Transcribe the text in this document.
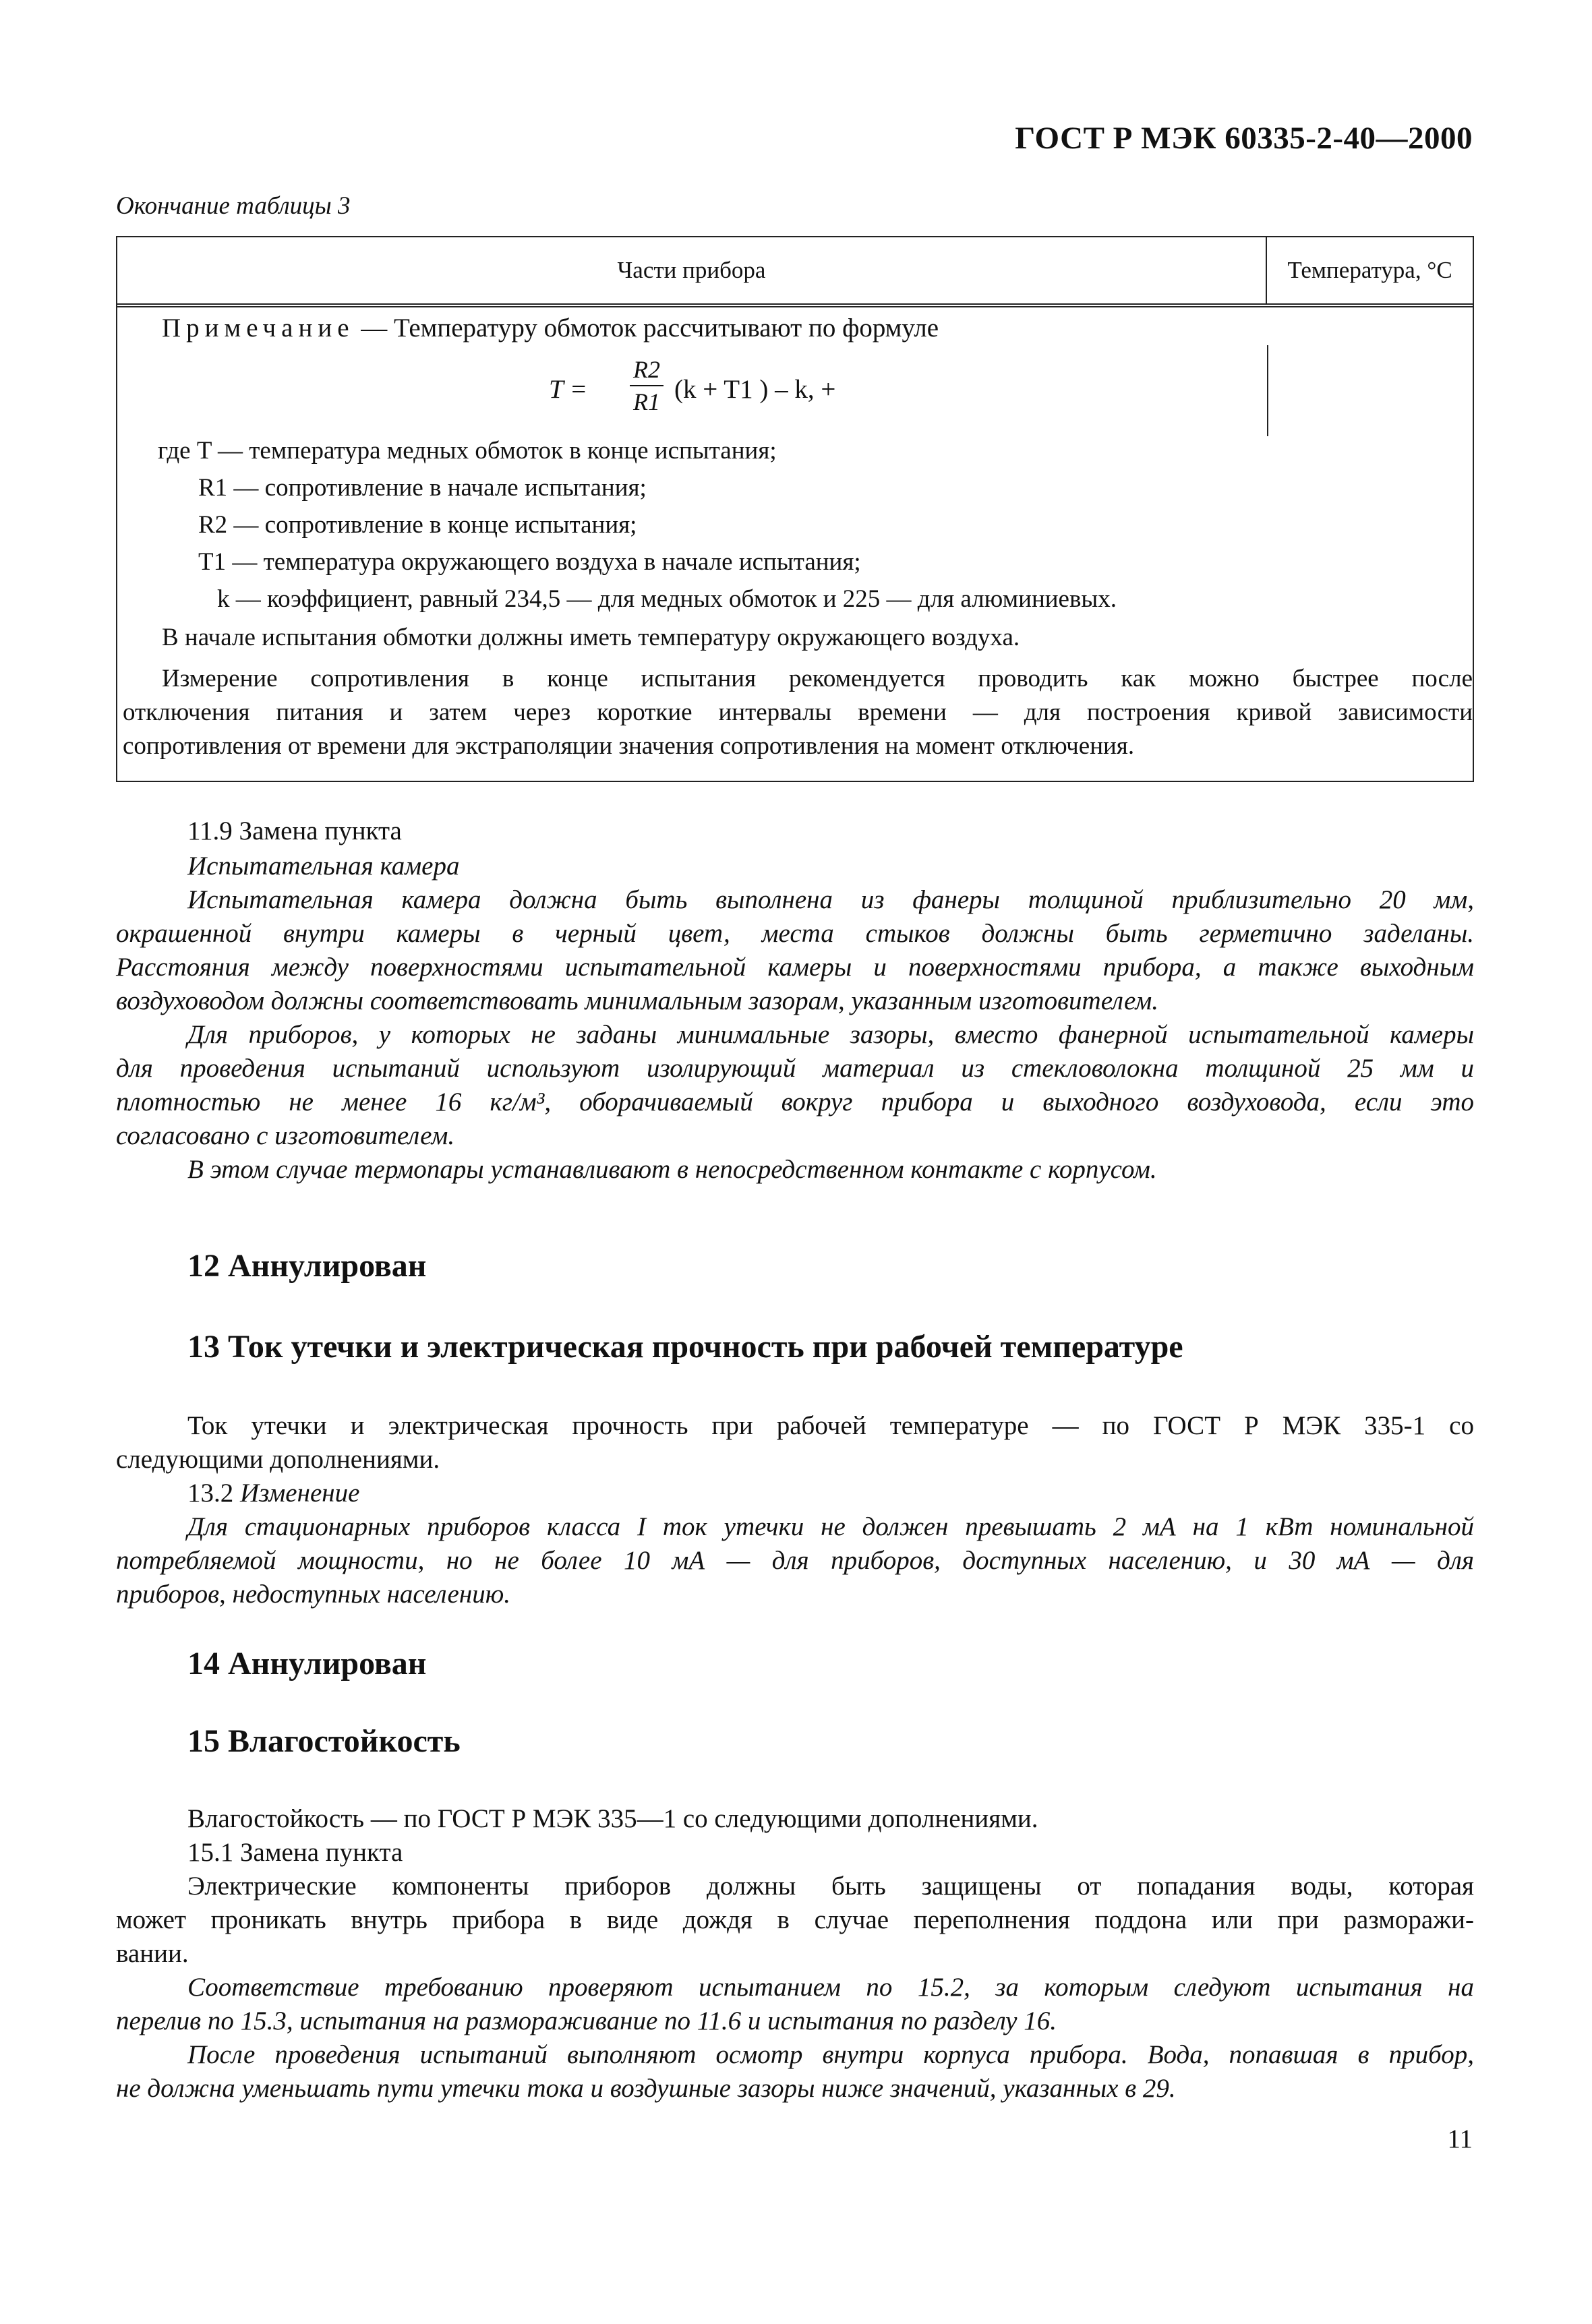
ГОСТ Р МЭК 60335-2-40—2000
Окончание таблицы 3
Части прибора	Температура, °С
Примечание — Температуру обмоток рассчитывают по формуле
T =
R2
R1 (k + T1 ) – k, +
где T — температура медных обмоток в конце испытания;
R1 — сопротивление в начале испытания;
R2 — сопротивление в конце испытания;
T1 — температура окружающего воздуха в начале испытания;
k — коэффициент, равный 234,5 — для медных обмоток и 225 — для алюминиевых.
В начале испытания обмотки должны иметь температуру окружающего воздуха.
Измерение сопротивления в конце испытания рекомендуется проводить как можно быстрее после
отключения питания и затем через короткие интервалы времени — для построения кривой зависимости
сопротивления от времени для экстраполяции значения сопротивления на момент отключения.
11.9 Замена пункта
Испытательная камера
Испытательная камера должна быть выполнена из фанеры толщиной приблизительно 20 мм,
окрашенной внутри камеры в черный цвет, места стыков должны быть герметично заделаны.
Расстояния между поверхностями испытательной камеры и поверхностями прибора, а также выходным
воздуховодом должны соответствовать минимальным зазорам, указанным изготовителем.
Для приборов, у которых не заданы минимальные зазоры, вместо фанерной испытательной камеры
для проведения испытаний используют изолирующий материал из стекловолокна толщиной 25 мм и
плотностью не менее 16 кг/м³, оборачиваемый вокруг прибора и выходного воздуховода, если это
согласовано с изготовителем.
В этом случае термопары устанавливают в непосредственном контакте с корпусом.
12 Аннулирован
13 Ток утечки и электрическая прочность при рабочей температуре
Ток утечки и электрическая прочность при рабочей температуре — по ГОСТ Р МЭК 335-1 со
следующими дополнениями.
13.2 Изменение
Для стационарных приборов класса I ток утечки не должен превышать 2 мА на 1 кВт номинальной
потребляемой мощности, но не более 10 мА — для приборов, доступных населению, и 30 мА — для
приборов, недоступных населению.
14 Аннулирован
15 Влагостойкость
Влагостойкость — по ГОСТ Р МЭК 335—1 со следующими дополнениями.
15.1 Замена пункта
Электрические компоненты приборов должны быть защищены от попадания воды, которая
может проникать внутрь прибора в виде дождя в случае переполнения поддона или при разморажи-
вании.
Соответствие требованию проверяют испытанием по 15.2, за которым следуют испытания на
перелив по 15.3, испытания на размораживание по 11.6 и испытания по разделу 16.
После проведения испытаний выполняют осмотр внутри корпуса прибора. Вода, попавшая в прибор,
не должна уменьшать пути утечки тока и воздушные зазоры ниже значений, указанных в 29.
11
